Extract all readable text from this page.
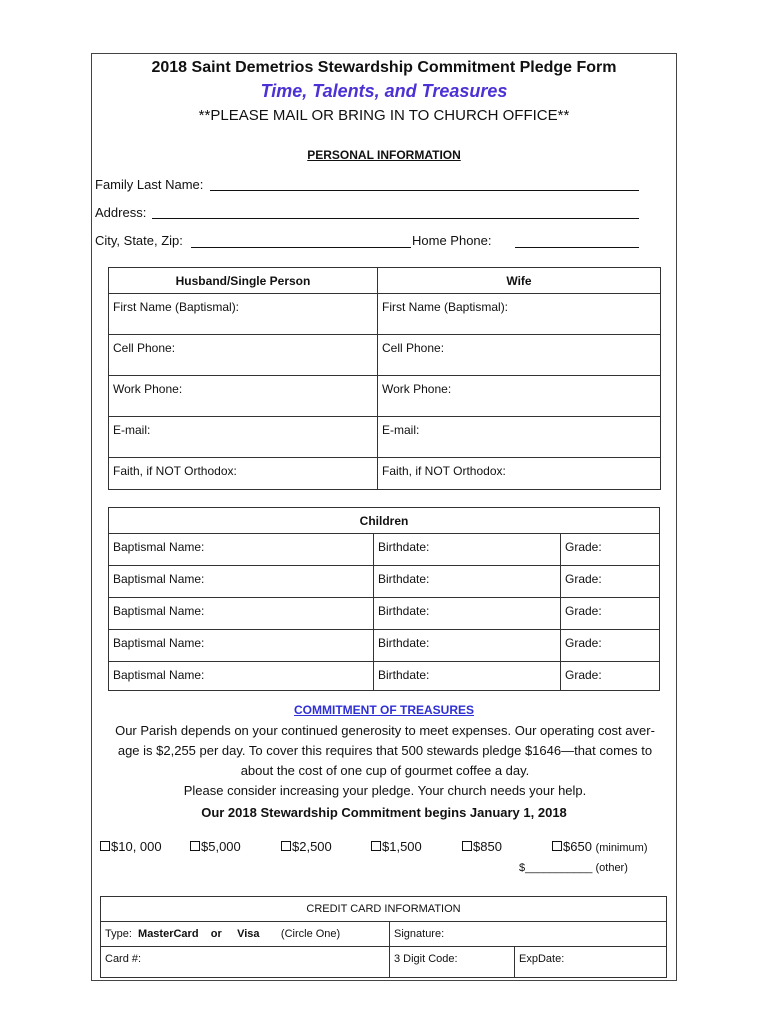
2018 Saint Demetrios Stewardship Commitment Pledge Form
Time, Talents, and Treasures
**PLEASE MAIL OR BRING IN TO CHURCH OFFICE**
PERSONAL INFORMATION
Family Last Name:
Address:
City, State, Zip:	Home Phone:
Husband/Single Person	Wife
First Name (Baptismal):	First Name (Baptismal):
Cell Phone:	Cell Phone:
Work Phone:	Work Phone:
E-mail:	E-mail:
Faith, if NOT Orthodox:	Faith, if NOT Orthodox:
Children		
Baptismal Name:	Birthdate:	Grade:
Baptismal Name:	Birthdate:	Grade:
Baptismal Name:	Birthdate:	Grade:
Baptismal Name:	Birthdate:	Grade:
Baptismal Name:	Birthdate:	Grade:
COMMITMENT OF TREASURES
Our Parish depends on your continued generosity to meet expenses. Our operating cost aver-
age is $2,255 per day. To cover this requires that 500 stewards pledge $1646—that comes to
about the cost of one cup of gourmet coffee a day.
Please consider increasing your pledge. Your church needs your help.
Our 2018 Stewardship Commitment begins January 1, 2018
$10, 000	$5,000	$2,500	$1,500	$850	$650 (minimum)
$___________ (other)
CREDIT CARD INFORMATION		
Type: MasterCard or Visa (Circle One)	Signature:	
Card #:	3 Digit Code:	ExpDate:
